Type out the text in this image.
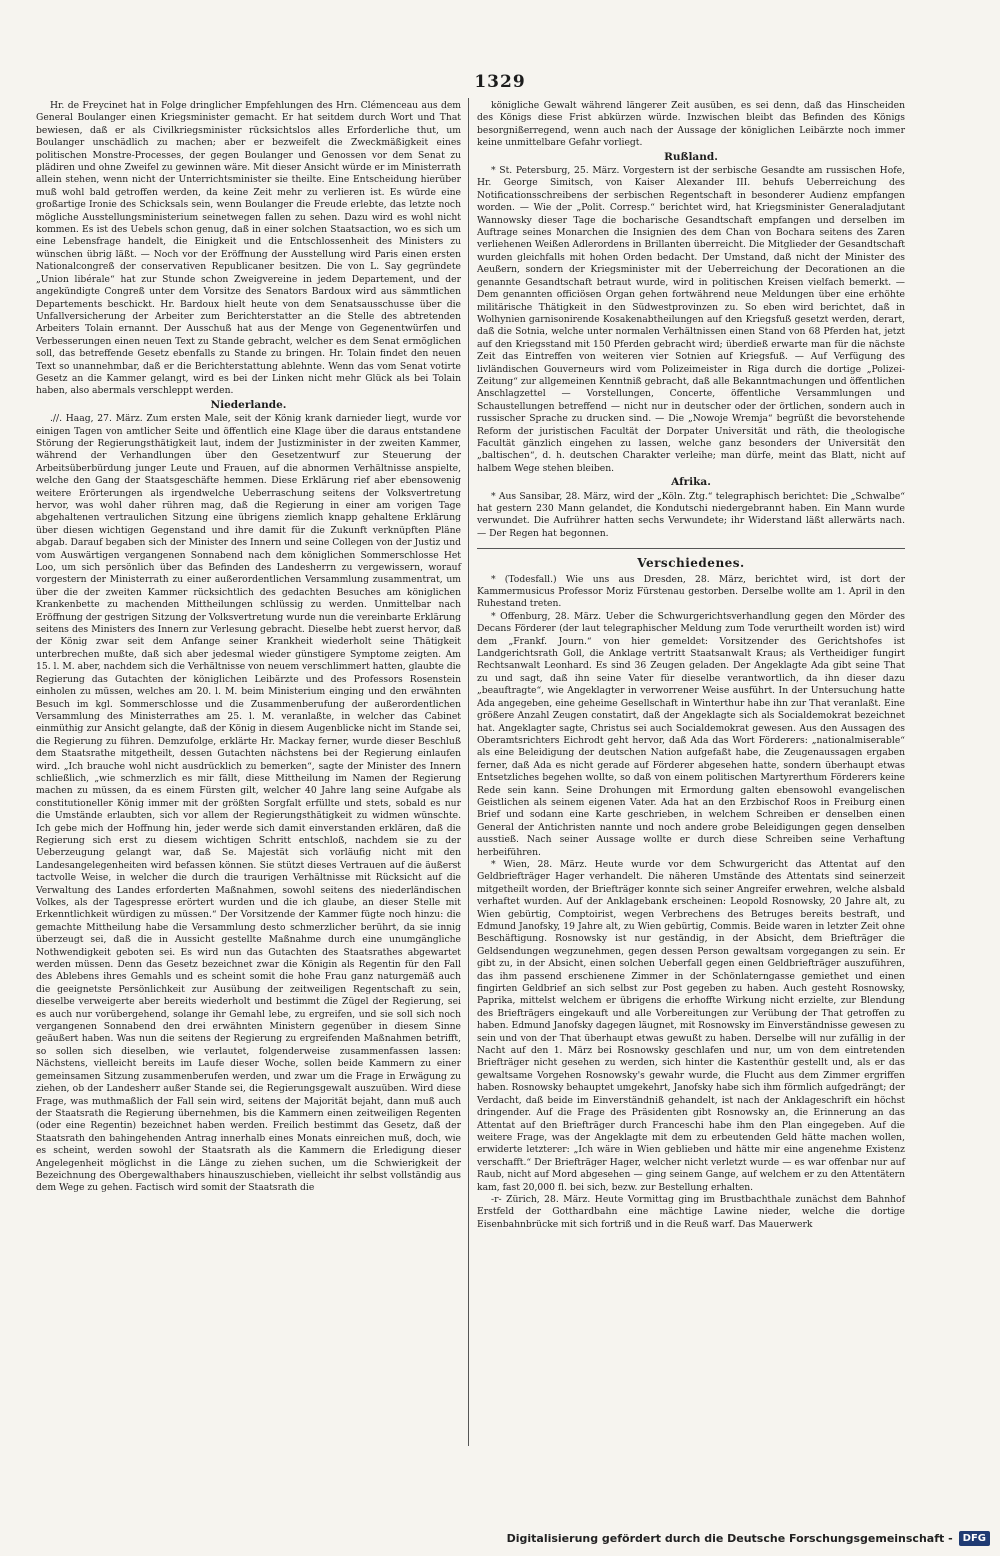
1329

Hr. de Freycinet hat in Folge dringlicher Empfehlungen des Hrn. Clémenceau aus dem General Boulanger einen Kriegsminister gemacht. Er hat seitdem durch Wort und That bewiesen, daß er als Civilkriegsminister rücksichtslos alles Erforderliche thut, um Boulanger unschädlich zu machen; aber er bezweifelt die Zweckmäßigkeit eines politischen Monstre-Processes, der gegen Boulanger und Genossen vor dem Senat zu plädiren und ohne Zweifel zu gewinnen wäre. Mit dieser Ansicht würde er im Ministerrath allein stehen, wenn nicht der Unterrichtsminister sie theilte. Eine Entscheidung hierüber muß wohl bald getroffen werden, da keine Zeit mehr zu verlieren ist. Es würde eine großartige Ironie des Schicksals sein, wenn Boulanger die Freude erlebte, das letzte noch mögliche Ausstellungsministerium seinetwegen fallen zu sehen. Dazu wird es wohl nicht kommen. Es ist des Uebels schon genug, daß in einer solchen Staatsaction, wo es sich um eine Lebensfrage handelt, die Einigkeit und die Entschlossenheit des Ministers zu wünschen übrig läßt. — Noch vor der Eröffnung der Ausstellung wird Paris einen ersten Nationalcongreß der conservativen Republicaner besitzen. Die von L. Say gegründete „Union libérale“ hat zur Stunde schon Zweigvereine in jedem Departement, und der angekündigte Congreß unter dem Vorsitze des Senators Bardoux wird aus sämmtlichen Departements beschickt. Hr. Bardoux hielt heute von dem Senatsausschusse über die Unfallversicherung der Arbeiter zum Berichterstatter an die Stelle des abtretenden Arbeiters Tolain ernannt. Der Ausschuß hat aus der Menge von Gegenentwürfen und Verbesserungen einen neuen Text zu Stande gebracht, welcher es dem Senat ermöglichen soll, das betreffende Gesetz ebenfalls zu Stande zu bringen. Hr. Tolain findet den neuen Text so unannehmbar, daß er die Berichterstattung ablehnte. Wenn das vom Senat votirte Gesetz an die Kammer gelangt, wird es bei der Linken nicht mehr Glück als bei Tolain haben, also abermals verschleppt werden.

Niederlande.

.//. Haag, 27. März. Zum ersten Male, seit der König krank darnieder liegt, wurde vor einigen Tagen von amtlicher Seite und öffentlich eine Klage über die daraus entstandene Störung der Regierungsthätigkeit laut, indem der Justizminister in der zweiten Kammer, während der Verhandlungen über den Gesetzentwurf zur Steuerung der Arbeitsüberbürdung junger Leute und Frauen, auf die abnormen Verhältnisse anspielte, welche den Gang der Staatsgeschäfte hemmen. Diese Erklärung rief aber ebensowenig weitere Erörterungen als irgendwelche Ueberraschung seitens der Volksvertretung hervor, was wohl daher rühren mag, daß die Regierung in einer am vorigen Tage abgehaltenen vertraulichen Sitzung eine übrigens ziemlich knapp gehaltene Erklärung über diesen wichtigen Gegenstand und ihre damit für die Zukunft verknüpften Pläne abgab. Darauf begaben sich der Minister des Innern und seine Collegen von der Justiz und vom Auswärtigen vergangenen Sonnabend nach dem königlichen Sommerschlosse Het Loo, um sich persönlich über das Befinden des Landesherrn zu vergewissern, worauf vorgestern der Ministerrath zu einer außerordentlichen Versammlung zusammentrat, um über die der zweiten Kammer rücksichtlich des gedachten Besuches am königlichen Krankenbette zu machenden Mittheilungen schlüssig zu werden. Unmittelbar nach Eröffnung der gestrigen Sitzung der Volksvertretung wurde nun die vereinbarte Erklärung seitens des Ministers des Innern zur Verlesung gebracht. Dieselbe hebt zuerst hervor, daß der König zwar seit dem Anfange seiner Krankheit wiederholt seine Thätigkeit unterbrechen mußte, daß sich aber jedesmal wieder günstigere Symptome zeigten. Am 15. l. M. aber, nachdem sich die Verhältnisse von neuem verschlimmert hatten, glaubte die Regierung das Gutachten der königlichen Leibärzte und des Professors Rosenstein einholen zu müssen, welches am 20. l. M. beim Ministerium einging und den erwähnten Besuch im kgl. Sommerschlosse und die Zusammenberufung der außerordentlichen Versammlung des Ministerrathes am 25. l. M. veranlaßte, in welcher das Cabinet einmüthig zur Ansicht gelangte, daß der König in diesem Augenblicke nicht im Stande sei, die Regierung zu führen. Demzufolge, erklärte Hr. Mackay ferner, wurde dieser Beschluß dem Staatsrathe mitgetheilt, dessen Gutachten nächstens bei der Regierung einlaufen wird. „Ich brauche wohl nicht ausdrücklich zu bemerken“, sagte der Minister des Innern schließlich, „wie schmerzlich es mir fällt, diese Mittheilung im Namen der Regierung machen zu müssen, da es einem Fürsten gilt, welcher 40 Jahre lang seine Aufgabe als constitutioneller König immer mit der größten Sorgfalt erfüllte und stets, sobald es nur die Umstände erlaubten, sich vor allem der Regierungsthätigkeit zu widmen wünschte. Ich gebe mich der Hoffnung hin, jeder werde sich damit einverstanden erklären, daß die Regierung sich erst zu diesem wichtigen Schritt entschloß, nachdem sie zu der Ueberzeugung gelangt war, daß Se. Majestät sich vorläufig nicht mit den Landesangelegenheiten wird befassen können. Sie stützt dieses Vertrauen auf die äußerst tactvolle Weise, in welcher die durch die traurigen Verhältnisse mit Rücksicht auf die Verwaltung des Landes erforderten Maßnahmen, sowohl seitens des niederländischen Volkes, als der Tagespresse erörtert wurden und die ich glaube, an dieser Stelle mit Erkenntlichkeit würdigen zu müssen.“ Der Vorsitzende der Kammer fügte noch hinzu: die gemachte Mittheilung habe die Versammlung desto schmerzlicher berührt, da sie innig überzeugt sei, daß die in Aussicht gestellte Maßnahme durch eine unumgängliche Nothwendigkeit geboten sei. Es wird nun das Gutachten des Staatsrathes abgewartet werden müssen. Denn das Gesetz bezeichnet zwar die Königin als Regentin für den Fall des Ablebens ihres Gemahls und es scheint somit die hohe Frau ganz naturgemäß auch die geeignetste Persönlichkeit zur Ausübung der zeitweiligen Regentschaft zu sein, dieselbe verweigerte aber bereits wiederholt und bestimmt die Zügel der Regierung, sei es auch nur vorübergehend, solange ihr Gemahl lebe, zu ergreifen, und sie soll sich noch vergangenen Sonnabend den drei erwähnten Ministern gegenüber in diesem Sinne geäußert haben. Was nun die seitens der Regierung zu ergreifenden Maßnahmen betrifft, so sollen sich dieselben, wie verlautet, folgenderweise zusammenfassen lassen: Nächstens, vielleicht bereits im Laufe dieser Woche, sollen beide Kammern zu einer gemeinsamen Sitzung zusammenberufen werden, und zwar um die Frage in Erwägung zu ziehen, ob der Landesherr außer Stande sei, die Regierungsgewalt auszuüben. Wird diese Frage, was muthmaßlich der Fall sein wird, seitens der Majorität bejaht, dann muß auch der Staatsrath die Regierung übernehmen, bis die Kammern einen zeitweiligen Regenten (oder eine Regentin) bezeichnet haben werden. Freilich bestimmt das Gesetz, daß der Staatsrath den bahingehenden Antrag innerhalb eines Monats einreichen muß, doch, wie es scheint, werden sowohl der Staatsrath als die Kammern die Erledigung dieser Angelegenheit möglichst in die Länge zu ziehen suchen, um die Schwierigkeit der Bezeichnung des Obergewalthabers hinauszuschieben, vielleicht ihr selbst vollständig aus dem Wege zu gehen. Factisch wird somit der Staatsrath die

königliche Gewalt während längerer Zeit ausüben, es sei denn, daß das Hinscheiden des Königs diese Frist abkürzen würde. Inzwischen bleibt das Befinden des Königs besorgnißerregend, wenn auch nach der Aussage der königlichen Leibärzte noch immer keine unmittelbare Gefahr vorliegt.

Rußland.

* St. Petersburg, 25. März. Vorgestern ist der serbische Gesandte am russischen Hofe, Hr. George Simitsch, von Kaiser Alexander III. behufs Ueberreichung des Notificationsschreibens der serbischen Regentschaft in besonderer Audienz empfangen worden. — Wie der „Polit. Corresp.“ berichtet wird, hat Kriegsminister Generaladjutant Wannowsky dieser Tage die bocharische Gesandtschaft empfangen und derselben im Auftrage seines Monarchen die Insignien des dem Chan von Bochara seitens des Zaren verliehenen Weißen Adlerordens in Brillanten überreicht. Die Mitglieder der Gesandtschaft wurden gleichfalls mit hohen Orden bedacht. Der Umstand, daß nicht der Minister des Aeußern, sondern der Kriegsminister mit der Ueberreichung der Decorationen an die genannte Gesandtschaft betraut wurde, wird in politischen Kreisen vielfach bemerkt. — Dem genannten officiösen Organ gehen fortwährend neue Meldungen über eine erhöhte militärische Thätigkeit in den Südwestprovinzen zu. So eben wird berichtet, daß in Wolhynien garnisonirende Kosakenabtheilungen auf den Kriegsfuß gesetzt werden, derart, daß die Sotnia, welche unter normalen Verhältnissen einen Stand von 68 Pferden hat, jetzt auf den Kriegsstand mit 150 Pferden gebracht wird; überdieß erwarte man für die nächste Zeit das Eintreffen von weiteren vier Sotnien auf Kriegsfuß. — Auf Verfügung des livländischen Gouverneurs wird vom Polizeimeister in Riga durch die dortige „Polizei-Zeitung“ zur allgemeinen Kenntniß gebracht, daß alle Bekanntmachungen und öffentlichen Anschlagzettel — Vorstellungen, Concerte, öffentliche Versammlungen und Schaustellungen betreffend — nicht nur in deutscher oder der örtlichen, sondern auch in russischer Sprache zu drucken sind. — Die „Nowoje Wremja“ begrüßt die bevorstehende Reform der juristischen Facultät der Dorpater Universität und räth, die theologische Facultät gänzlich eingehen zu lassen, welche ganz besonders der Universität den „baltischen“, d. h. deutschen Charakter verleihe; man dürfe, meint das Blatt, nicht auf halbem Wege stehen bleiben.

Afrika.

* Aus Sansibar, 28. März, wird der „Köln. Ztg.“ telegraphisch berichtet: Die „Schwalbe“ hat gestern 230 Mann gelandet, die Kondutschi niedergebrannt haben. Ein Mann wurde verwundet. Die Aufrührer hatten sechs Verwundete; ihr Widerstand läßt allerwärts nach. — Der Regen hat begonnen.

Verschiedenes.

* (Todesfall.) Wie uns aus Dresden, 28. März, berichtet wird, ist dort der Kammermusicus Professor Moriz Fürstenau gestorben. Derselbe wollte am 1. April in den Ruhestand treten.

* Offenburg, 28. März. Ueber die Schwurgerichtsverhandlung gegen den Mörder des Decans Förderer (der laut telegraphischer Meldung zum Tode verurtheilt worden ist) wird dem „Frankf. Journ.“ von hier gemeldet: Vorsitzender des Gerichtshofes ist Landgerichtsrath Goll, die Anklage vertritt Staatsanwalt Kraus; als Vertheidiger fungirt Rechtsanwalt Leonhard. Es sind 36 Zeugen geladen. Der Angeklagte Ada gibt seine That zu und sagt, daß ihn seine Vater für dieselbe verantwortlich, da ihn dieser dazu „beauftragte“, wie Angeklagter in verworrener Weise ausführt. In der Untersuchung hatte Ada angegeben, eine geheime Gesellschaft in Winterthur habe ihn zur That veranlaßt. Eine größere Anzahl Zeugen constatirt, daß der Angeklagte sich als Socialdemokrat bezeichnet hat. Angeklagter sagte, Christus sei auch Socialdemokrat gewesen. Aus den Aussagen des Oberamtsrichters Eichrodt geht hervor, daß Ada das Wort Förderers: „nationalmiserable“ als eine Beleidigung der deutschen Nation aufgefaßt habe, die Zeugenaussagen ergaben ferner, daß Ada es nicht gerade auf Förderer abgesehen hatte, sondern überhaupt etwas Entsetzliches begehen wollte, so daß von einem politischen Martyrerthum Förderers keine Rede sein kann. Seine Drohungen mit Ermordung galten ebensowohl evangelischen Geistlichen als seinem eigenen Vater. Ada hat an den Erzbischof Roos in Freiburg einen Brief und sodann eine Karte geschrieben, in welchem Schreiben er denselben einen General der Antichristen nannte und noch andere grobe Beleidigungen gegen denselben ausstieß. Nach seiner Aussage wollte er durch diese Schreiben seine Verhaftung herbeiführen.

* Wien, 28. März. Heute wurde vor dem Schwurgericht das Attentat auf den Geldbriefträger Hager verhandelt. Die näheren Umstände des Attentats sind seinerzeit mitgetheilt worden, der Briefträger konnte sich seiner Angreifer erwehren, welche alsbald verhaftet wurden. Auf der Anklagebank erscheinen: Leopold Rosnowsky, 20 Jahre alt, zu Wien gebürtig, Comptoirist, wegen Verbrechens des Betruges bereits bestraft, und Edmund Janofsky, 19 Jahre alt, zu Wien gebürtig, Commis. Beide waren in letzter Zeit ohne Beschäftigung. Rosnowsky ist nur geständig, in der Absicht, dem Briefträger die Geldsendungen wegzunehmen, gegen dessen Person gewaltsam vorgegangen zu sein. Er gibt zu, in der Absicht, einen solchen Ueberfall gegen einen Geldbriefträger auszuführen, das ihm passend erschienene Zimmer in der Schönlaterngasse gemiethet und einen fingirten Geldbrief an sich selbst zur Post gegeben zu haben. Auch gesteht Rosnowsky, Paprika, mittelst welchem er übrigens die erhoffte Wirkung nicht erzielte, zur Blendung des Briefträgers eingekauft und alle Vorbereitungen zur Verübung der That getroffen zu haben. Edmund Janofsky dagegen läugnet, mit Rosnowsky im Einverständnisse gewesen zu sein und von der That überhaupt etwas gewußt zu haben. Derselbe will nur zufällig in der Nacht auf den 1. März bei Rosnowsky geschlafen und nur, um von dem eintretenden Briefträger nicht gesehen zu werden, sich hinter die Kastenthür gestellt und, als er das gewaltsame Vorgehen Rosnowsky's gewahr wurde, die Flucht aus dem Zimmer ergriffen haben. Rosnowsky behauptet umgekehrt, Janofsky habe sich ihm förmlich aufgedrängt; der Verdacht, daß beide im Einverständniß gehandelt, ist nach der Anklageschrift ein höchst dringender. Auf die Frage des Präsidenten gibt Rosnowsky an, die Erinnerung an das Attentat auf den Briefträger durch Franceschi habe ihm den Plan eingegeben. Auf die weitere Frage, was der Angeklagte mit dem zu erbeutenden Geld hätte machen wollen, erwiderte letzterer: „Ich wäre in Wien geblieben und hätte mir eine angenehme Existenz verschafft.“ Der Briefträger Hager, welcher nicht verletzt wurde — es war offenbar nur auf Raub, nicht auf Mord abgesehen — ging seinem Gange, auf welchem er zu den Attentätern kam, fast 20,000 fl. bei sich, bezw. zur Bestellung erhalten.

-r- Zürich, 28. März. Heute Vormittag ging im Brustbachthale zunächst dem Bahnhof Erstfeld der Gotthardbahn eine mächtige Lawine nieder, welche die dortige Eisenbahnbrücke mit sich fortriß und in die Reuß warf. Das Mauerwerk

Digitalisierung gefördert durch die Deutsche Forschungsgemeinschaft -	DFG
